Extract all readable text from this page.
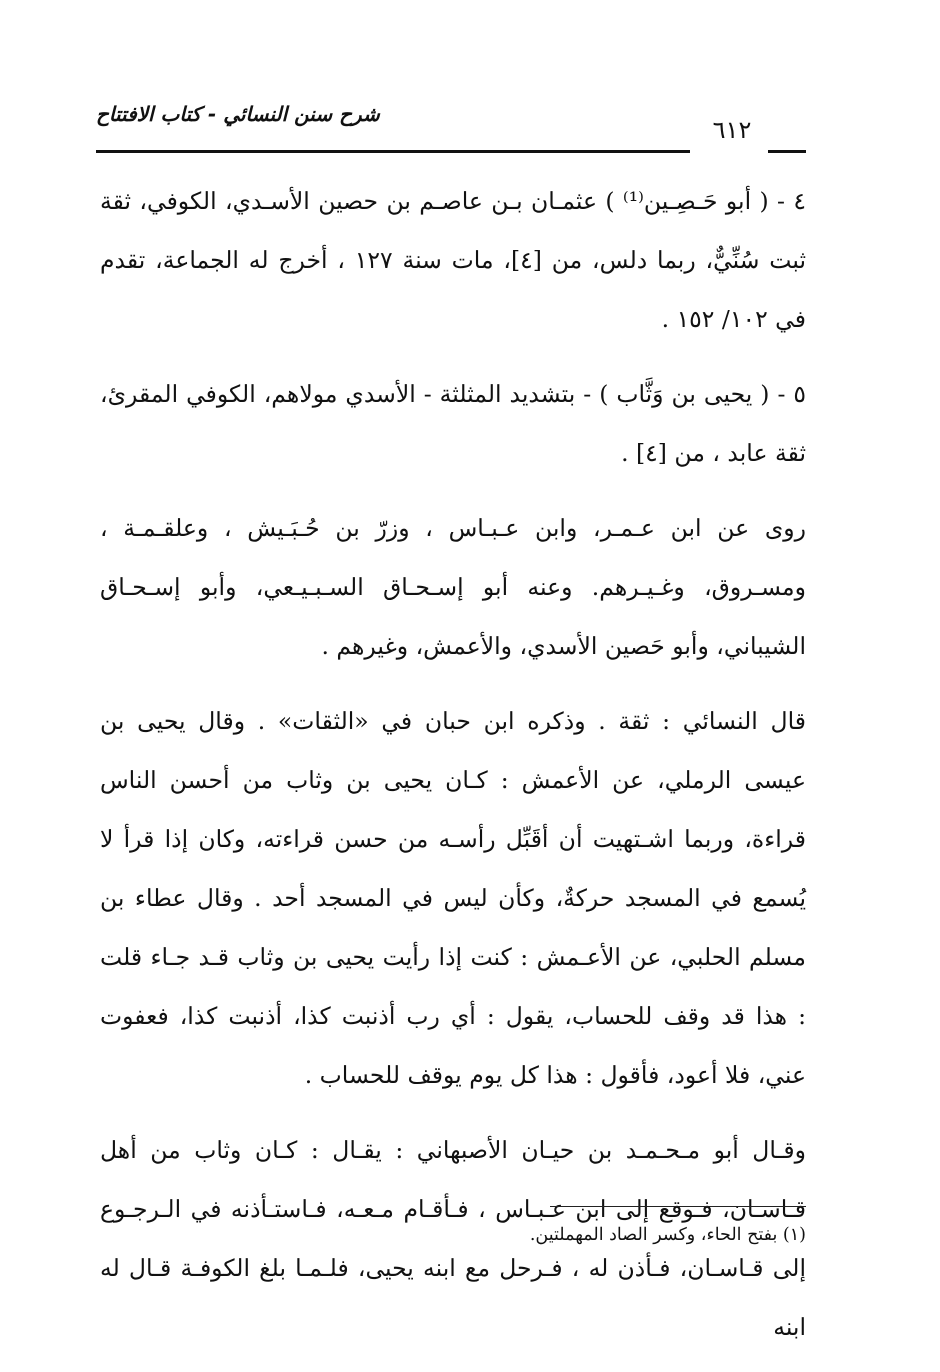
شرح سنن النسائي - كتاب الافتتاح
٦١٢

٤ - ( أبو حَـصِـين⁽¹⁾ ) عثمـان بـن عاصـم بن حصين الأسـدي، الكوفي، ثقة ثبت سُنِّيٌّ، ربما دلس، من [٤]، مات سنة ١٢٧ ، أخرج له الجماعة، تقدم في ١٠٢/ ١٥٢ .

٥ - ( يحيى بن وَثَّاب ) - بتشديد المثلثة - الأسدي مولاهم، الكوفي المقرئ، ثقة عابد ، من [٤] .

روى عن ابن عـمـر، وابن عـبـاس ، وزرّ بن حُـبَـيش ، وعلقـمـة ، ومسـروق، وغـيـرهم. وعنه أبو إسـحـاق السـبـيـعي، وأبو إسـحـاق الشيباني، وأبو حَصين الأسدي، والأعمش، وغيرهم .

قال النسائي : ثقة . وذكره ابن حبان في «الثقات» . وقال يحيى بن عيسى الرملي، عن الأعمش : كـان يحيى بن وثاب من أحسن الناس قراءة، وربما اشـتهيت أن أقَبِّل رأسـه من حسن قراءته، وكان إذا قرأ لا يُسمع في المسجد حركةٌ، وكأن ليس في المسجد أحد . وقال عطاء بن مسلم الحلبي، عن الأعـمش : كنت إذا رأيت يحيى بن وثاب قـد جـاء قلت : هذا قد وقف للحساب، يقول : أي رب أذنبت كذا، أذنبت كذا، فعفوت عني، فلا أعود، فأقول : هذا كل يوم يوقف للحساب .

وقـال أبو مـحـمـد بن حيـان الأصبهاني : يقـال : كـان وثاب من أهل قـاسـان، فـوقع إلى ابن عـبـاس ، فـأقـام مـعـه، فـاستـأذنه في الـرجـوع إلى قـاسـان، فـأذن له ، فـرحل مع ابنه يحيى، فلـمـا بلغ الكوفـة قـال له ابنه

(١) بفتح الحاء، وكسر الصاد المهملتين.
